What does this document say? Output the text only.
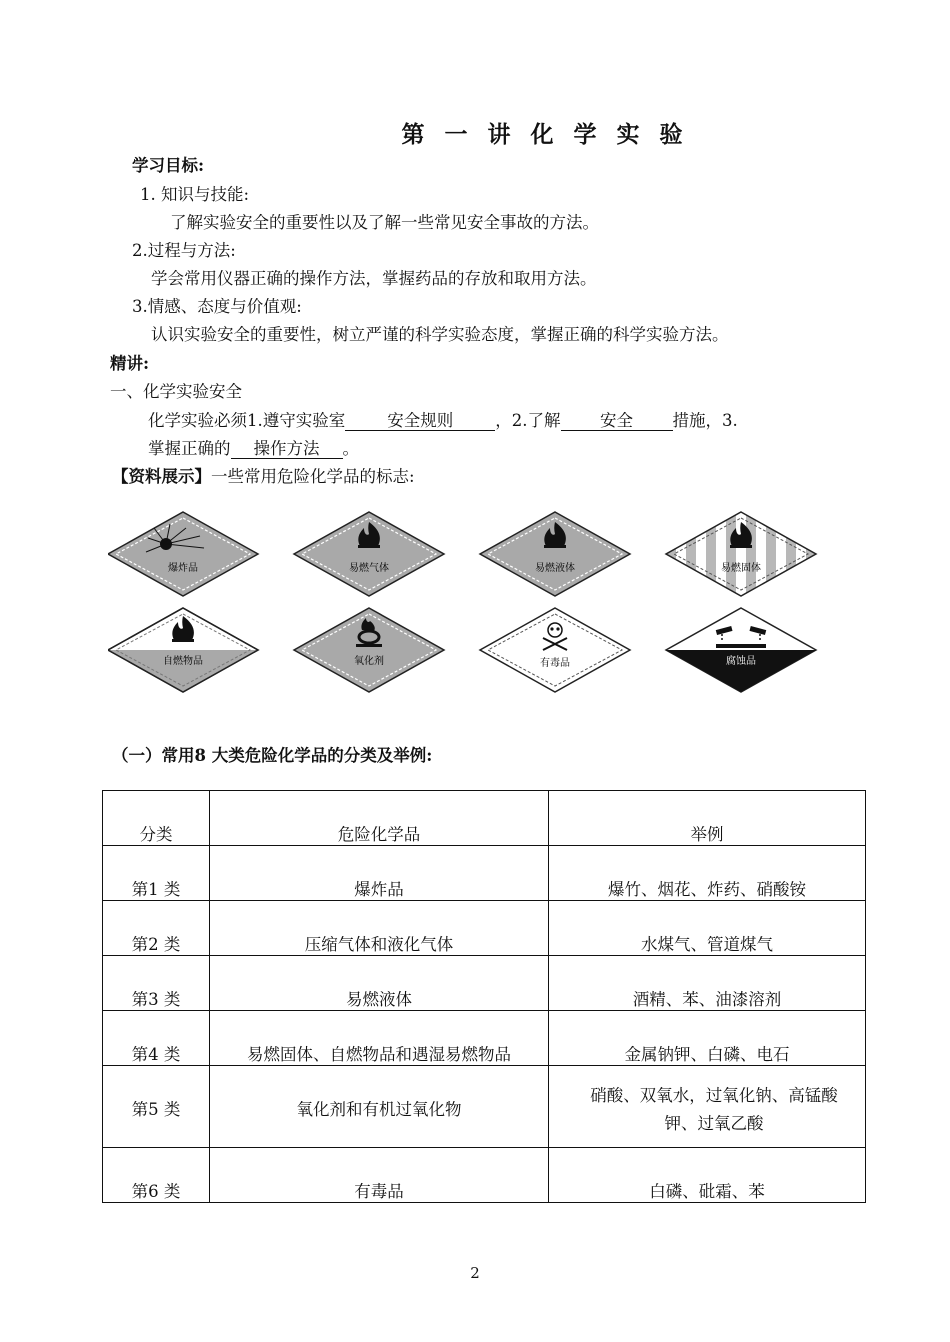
第 一 讲 化 学 实 验
学习目标:
1. 知识与技能:
了解实验安全的重要性以及了解一些常见安全事故的方法。
2.过程与方法:
学会常用仪器正确的操作方法，掌握药品的存放和取用方法。
3.情感、态度与价值观:
认识实验安全的重要性，树立严谨的科学实验态度，掌握正确的科学实验方法。
精讲:
一、化学实验安全
化学实验必须1.遵守实验室	安全规则	，2.了解 安全 措施，3.
掌握正确的 操作方法 。
【资料展示】一些常用危险化学品的标志:
爆炸品	易燃气体	易燃液体	易燃固体
自燃物品	氧化剂	有毒品	腐蚀品
（一）常用8 大类危险化学品的分类及举例:
分类	危险化学品	举例

第1 类	爆炸品	爆竹、烟花、炸药、硝酸铵

第2 类	压缩气体和液化气体	水煤气、管道煤气

第3 类	易燃液体	酒精、苯、油漆溶剂

第4 类	易燃固体、自燃物品和遇湿易燃物品	金属钠钾、白磷、电石

第5 类	氧化剂和有机过氧化物	硝酸、双氧水，过氧化钠、高锰酸钾、过氧乙酸

第6 类	有毒品	白磷、砒霜、苯
2
